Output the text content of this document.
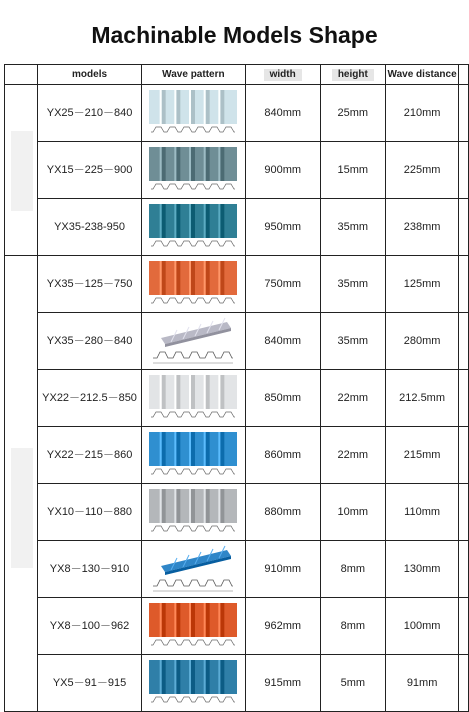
Machinable Models Shape
	models	Wave pattern	width	height	Wave distance	

	YX25－210－840		840mm	25mm	210mm	
	YX15－225－900		900mm	15mm	225mm	
	YX35-238-950		950mm	35mm	238mm	

	YX35－125－750		750mm	35mm	125mm	
	YX35－280－840		840mm	35mm	280mm	
	YX22－212.5－850		850mm	22mm	212.5mm	
	YX22－215－860		860mm	22mm	215mm	
	YX10－110－880		880mm	10mm	110mm	
	YX8－130－910		910mm	8mm	130mm	
	YX8－100－962		962mm	8mm	100mm	
	YX5－91－915		915mm	5mm	91mm	
